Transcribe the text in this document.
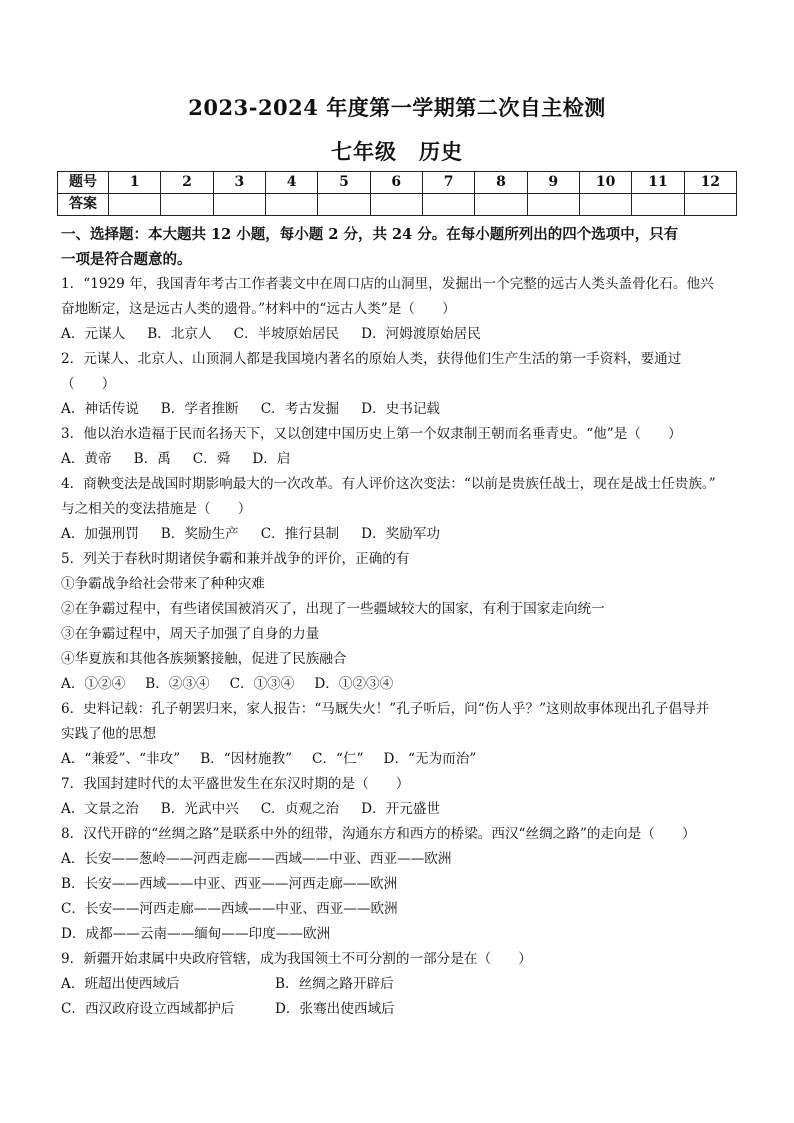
2023-2024 年度第一学期第二次自主检测
七年级 历史
题号	1	2	3	4	5	6	7	8	9	10	11	12
答案												
一、选择题：本大题共 12 小题，每小题 2 分，共 24 分。在每小题所列出的四个选项中，只有
一项是符合题意的。
1．“1929 年，我国青年考古工作者裴文中在周口店的山洞里，发掘出一个完整的远古人类头盖骨化石。他兴
奋地断定，这是远古人类的遗骨。”材料中的“远古人类”是（　　）
A．元谋人 B．北京人 C．半坡原始居民 D．河姆渡原始居民
2．元谋人、北京人、山顶洞人都是我国境内著名的原始人类，获得他们生产生活的第一手资料，要通过
（　　）
A．神话传说 B．学者推断 C．考古发掘 D．史书记载
3．他以治水造福于民而名扬天下，又以创建中国历史上第一个奴隶制王朝而名垂青史。“他”是（　　）
A．黄帝 B．禹 C．舜 D．启
4．商鞅变法是战国时期影响最大的一次改革。有人评价这次变法：“以前是贵族任战士，现在是战士任贵族。”
与之相关的变法措施是（　　）
A．加强刑罚 B．奖励生产 C．推行县制 D．奖励军功
5．列关于春秋时期诸侯争霸和兼并战争的评价，正确的有
①争霸战争给社会带来了种种灾难
②在争霸过程中，有些诸侯国被消灭了，出现了一些疆域较大的国家，有利于国家走向统一
③在争霸过程中，周天子加强了自身的力量
④华夏族和其他各族频繁接触，促进了民族融合
A．①②④ B．②③④ C．①③④ D．①②③④
6．史料记载：孔子朝罢归来，家人报告：“马厩失火！”孔子听后，问“伤人乎？”这则故事体现出孔子倡导并
实践了他的思想
A．“兼爱”、“非攻” B．“因材施教” C．“仁” D．“无为而治”
7．我国封建时代的太平盛世发生在东汉时期的是（　　）
A．文景之治 B．光武中兴 C．贞观之治 D．开元盛世
8．汉代开辟的“丝绸之路”是联系中外的纽带，沟通东方和西方的桥梁。西汉“丝绸之路”的走向是（　　）
A．长安——葱岭——河西走廊——西域——中亚、西亚——欧洲
B．长安——西域——中亚、西亚——河西走廊——欧洲
C．长安——河西走廊——西域——中亚、西亚——欧洲
D．成都——云南——缅甸——印度——欧洲
9．新疆开始隶属中央政府管辖，成为我国领土不可分割的一部分是在（　　）
A．班超出使西域后	B．丝绸之路开辟后
C．西汉政府设立西域都护后	D．张骞出使西域后
